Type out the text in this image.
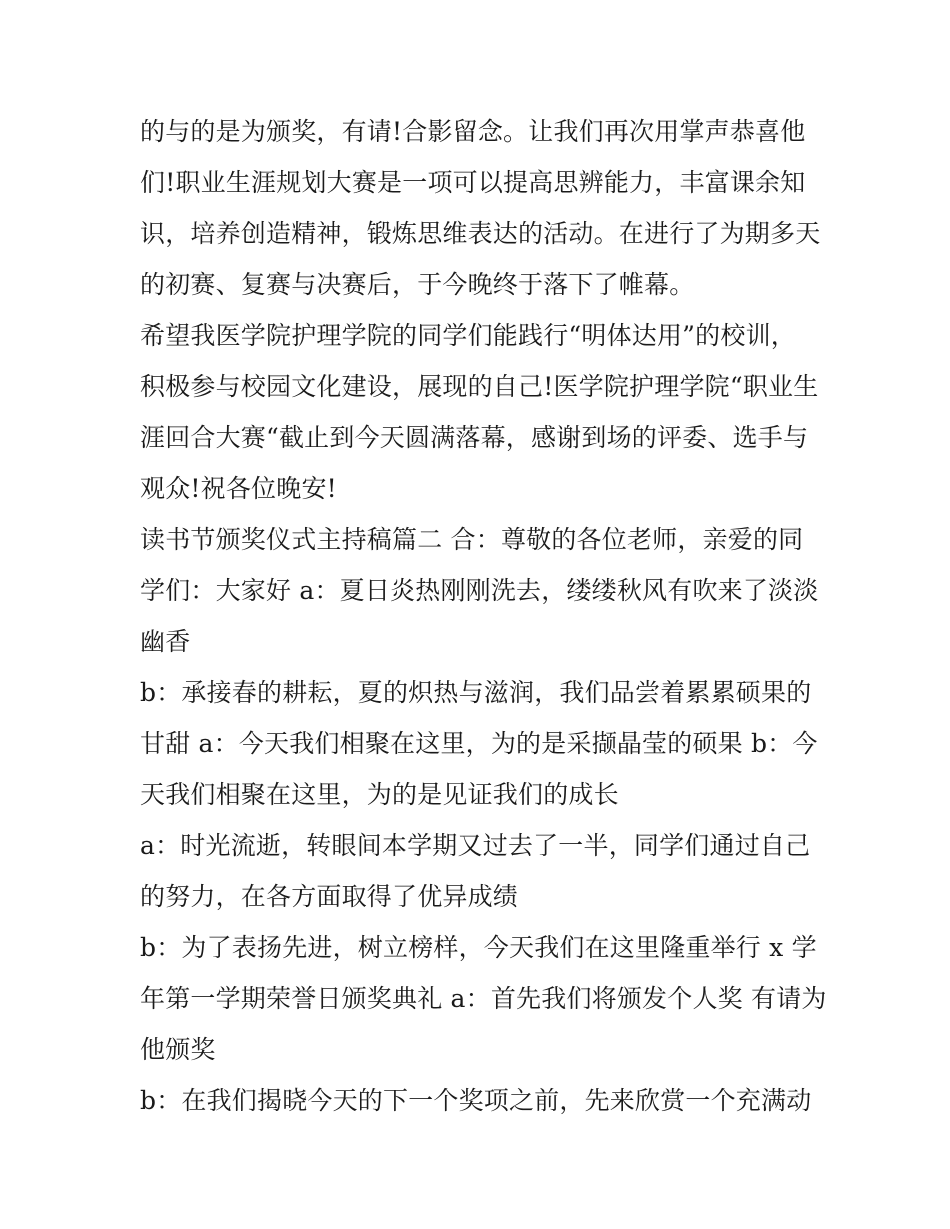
的与的是为颁奖，有请!合影留念。让我们再次用掌声恭喜他
们!职业生涯规划大赛是一项可以提高思辨能力，丰富课余知
识，培养创造精神，锻炼思维表达的活动。在进行了为期多天
的初赛、复赛与决赛后，于今晚终于落下了帷幕。
希望我医学院护理学院的同学们能践行“明体达用”的校训，
积极参与校园文化建设，展现的自己!医学院护理学院“职业生
涯回合大赛“截止到今天圆满落幕，感谢到场的评委、选手与
观众!祝各位晚安!
读书节颁奖仪式主持稿篇二 合：尊敬的各位老师，亲爱的同
学们：大家好 a：夏日炎热刚刚洗去，缕缕秋风有吹来了淡淡
幽香
b：承接春的耕耘，夏的炽热与滋润，我们品尝着累累硕果的
甘甜 a：今天我们相聚在这里，为的是采撷晶莹的硕果 b：今
天我们相聚在这里，为的是见证我们的成长
a：时光流逝，转眼间本学期又过去了一半，同学们通过自己
的努力，在各方面取得了优异成绩
b：为了表扬先进，树立榜样，今天我们在这里隆重举行 x 学
年第一学期荣誉日颁奖典礼 a：首先我们将颁发个人奖 有请为
他颁奖
b：在我们揭晓今天的下一个奖项之前，先来欣赏一个充满动
